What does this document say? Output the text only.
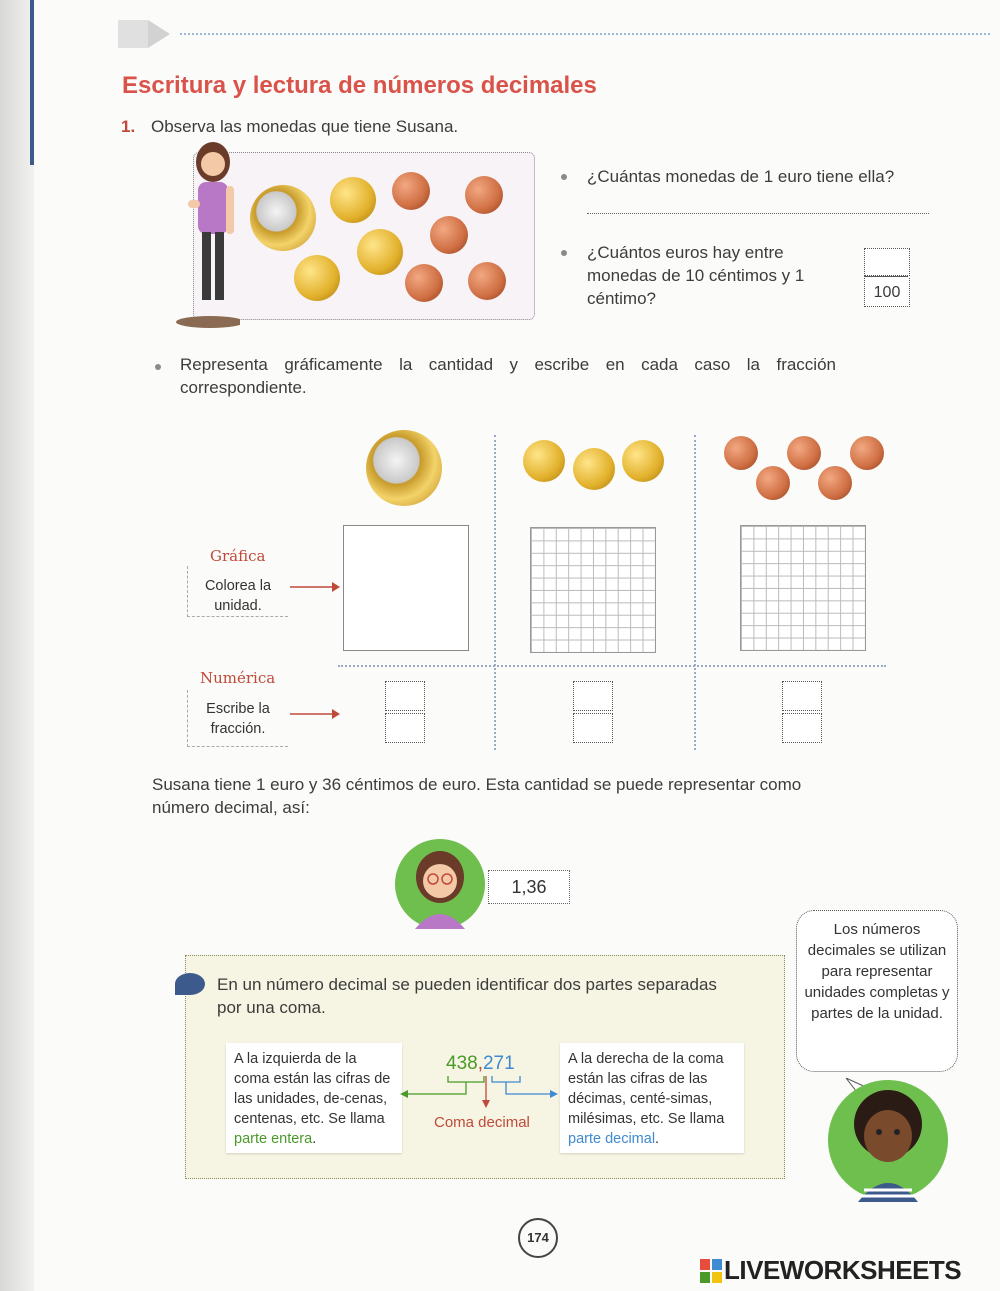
Escritura y lectura de números decimales
1. Observa las monedas que tiene Susana.
¿Cuántas monedas de 1 euro tiene ella?
¿Cuántos euros hay entre monedas de 10 céntimos y 1 céntimo?	100
Representa gráficamente la cantidad y escribe en cada caso la fracción correspondiente.
Gráfica
Colorea la unidad.
Numérica
Escribe la fracción.
Susana tiene 1 euro y 36 céntimos de euro. Esta cantidad se puede representar como número decimal, así:
1,36
En un número decimal se pueden identificar dos partes separadas por una coma.
A la izquierda de la coma están las cifras de las unidades, de-cenas, centenas, etc. Se llama parte entera.
438,271
Coma decimal
A la derecha de la coma están las cifras de las décimas, centé-simas, milésimas, etc. Se llama parte decimal.
Los números decimales se utilizan para representar unidades completas y partes de la unidad.
174
LIVEWORKSHEETS
